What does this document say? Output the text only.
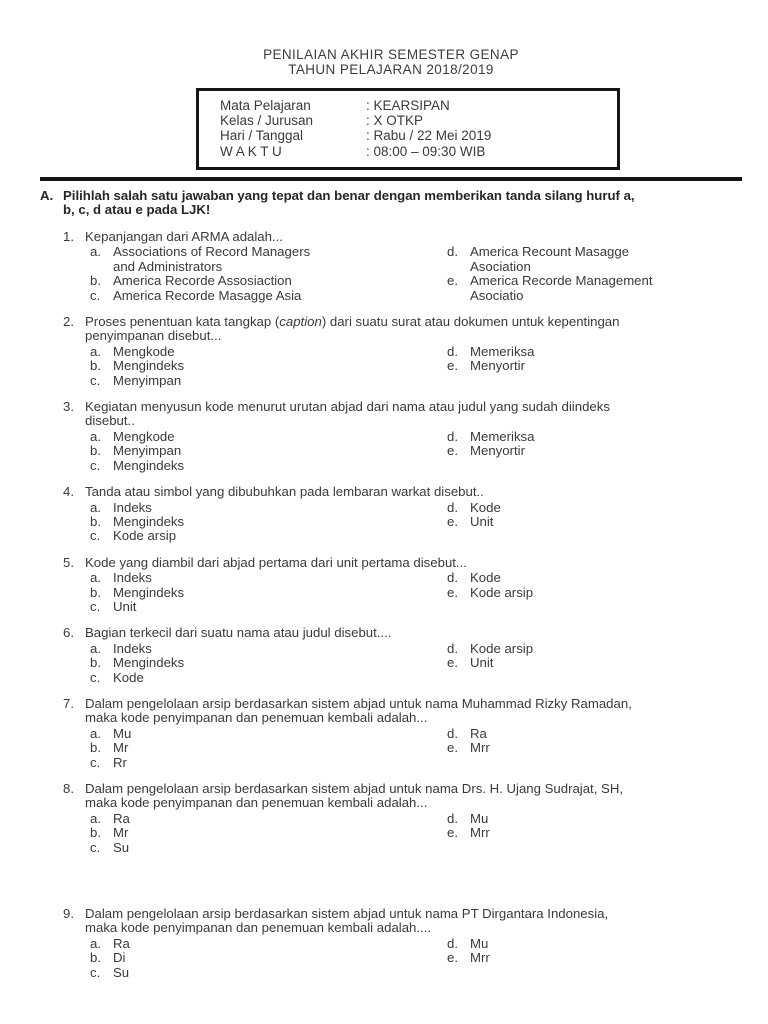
PENILAIAN AKHIR SEMESTER GENAP
TAHUN PELAJARAN 2018/2019
Mata Pelajaran	: KEARSIPAN
Kelas / Jurusan	: X OTKP
Hari / Tanggal	: Rabu / 22 Mei 2019
W A K T U	: 08:00 – 09:30 WIB
A. Pilihlah salah satu jawaban yang tepat dan benar dengan memberikan tanda silang huruf a,
b, c, d atau e pada LJK!
1. Kepanjangan dari ARMA adalah...
a. Associations of Record Managers
and Administrators
b. America Recorde Assosiaction
c. America Recorde Masagge Asia
d. America Recount Masagge
Asociation
e. America Recorde Management
Asociatio
2. Proses penentuan kata tangkap (caption) dari suatu surat atau dokumen untuk kepentingan
penyimpanan disebut...
a. Mengkode
b. Mengindeks
c. Menyimpan
d. Memeriksa
e. Menyortir
3. Kegiatan menyusun kode menurut urutan abjad dari nama atau judul yang sudah diindeks
disebut..
a. Mengkode
b. Menyimpan
c. Mengindeks
d. Memeriksa
e. Menyortir
4. Tanda atau simbol yang dibubuhkan pada lembaran warkat disebut..
a. Indeks
b. Mengindeks
c. Kode arsip
d. Kode
e. Unit
5. Kode yang diambil dari abjad pertama dari unit pertama disebut...
a. Indeks
b. Mengindeks
c. Unit
d. Kode
e. Kode arsip
6. Bagian terkecil dari suatu nama atau judul disebut....
a. Indeks
b. Mengindeks
c. Kode
d. Kode arsip
e. Unit
7. Dalam pengelolaan arsip berdasarkan sistem abjad untuk nama Muhammad Rizky Ramadan,
maka kode penyimpanan dan penemuan kembali adalah...
a. Mu
b. Mr
c. Rr
d. Ra
e. Mrr
8. Dalam pengelolaan arsip berdasarkan sistem abjad untuk nama Drs. H. Ujang Sudrajat, SH,
maka kode penyimpanan dan penemuan kembali adalah...
a. Ra
b. Mr
c. Su
d. Mu
e. Mrr
9. Dalam pengelolaan arsip berdasarkan sistem abjad untuk nama PT Dirgantara Indonesia,
maka kode penyimpanan dan penemuan kembali adalah....
a. Ra
b. Di
c. Su
d. Mu
e. Mrr
